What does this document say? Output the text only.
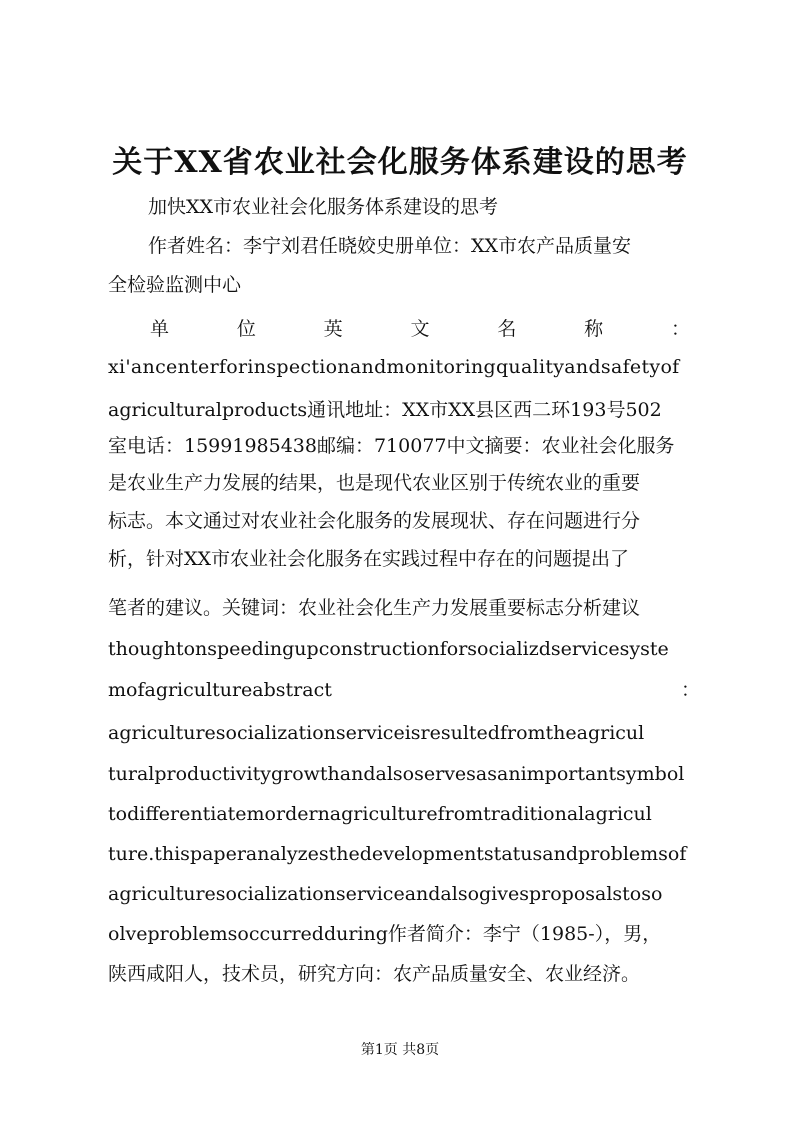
关于XX省农业社会化服务体系建设的思考
加快XX市农业社会化服务体系建设的思考
作者姓名：李宁刘君任晓姣史册单位：XX市农产品质量安
全检验监测中心
单	位	英	文	名	称	：
xi'ancenterforinspectionandmonitoringqualityandsafetyof
agriculturalproducts通讯地址：XX市XX县区西二环193号502
室电话：15991985438邮编：710077中文摘要：农业社会化服务
是农业生产力发展的结果，也是现代农业区别于传统农业的重要
标志。本文通过对农业社会化服务的发展现状、存在问题进行分
析，针对XX市农业社会化服务在实践过程中存在的问题提出了
笔者的建议。关键词：农业社会化生产力发展重要标志分析建议
thoughtonspeedingupconstructionforsocializdservicesyste
mofagricultureabstract	：
agriculturesocializationserviceisresultedfromtheagricul
turalproductivitygrowthandalsoservesasanimportantsymbol
todifferentiatemordernagriculturefromtraditionalagricul
ture.thispaperanalyzesthedevelopmentstatusandproblemsof
agriculturesocializationserviceandalsogivesproposalstoso
olveproblemsoccurredduring作者简介：李宁（1985-），男，
陕西咸阳人，技术员，研究方向：农产品质量安全、农业经济。
第1页 共8页
